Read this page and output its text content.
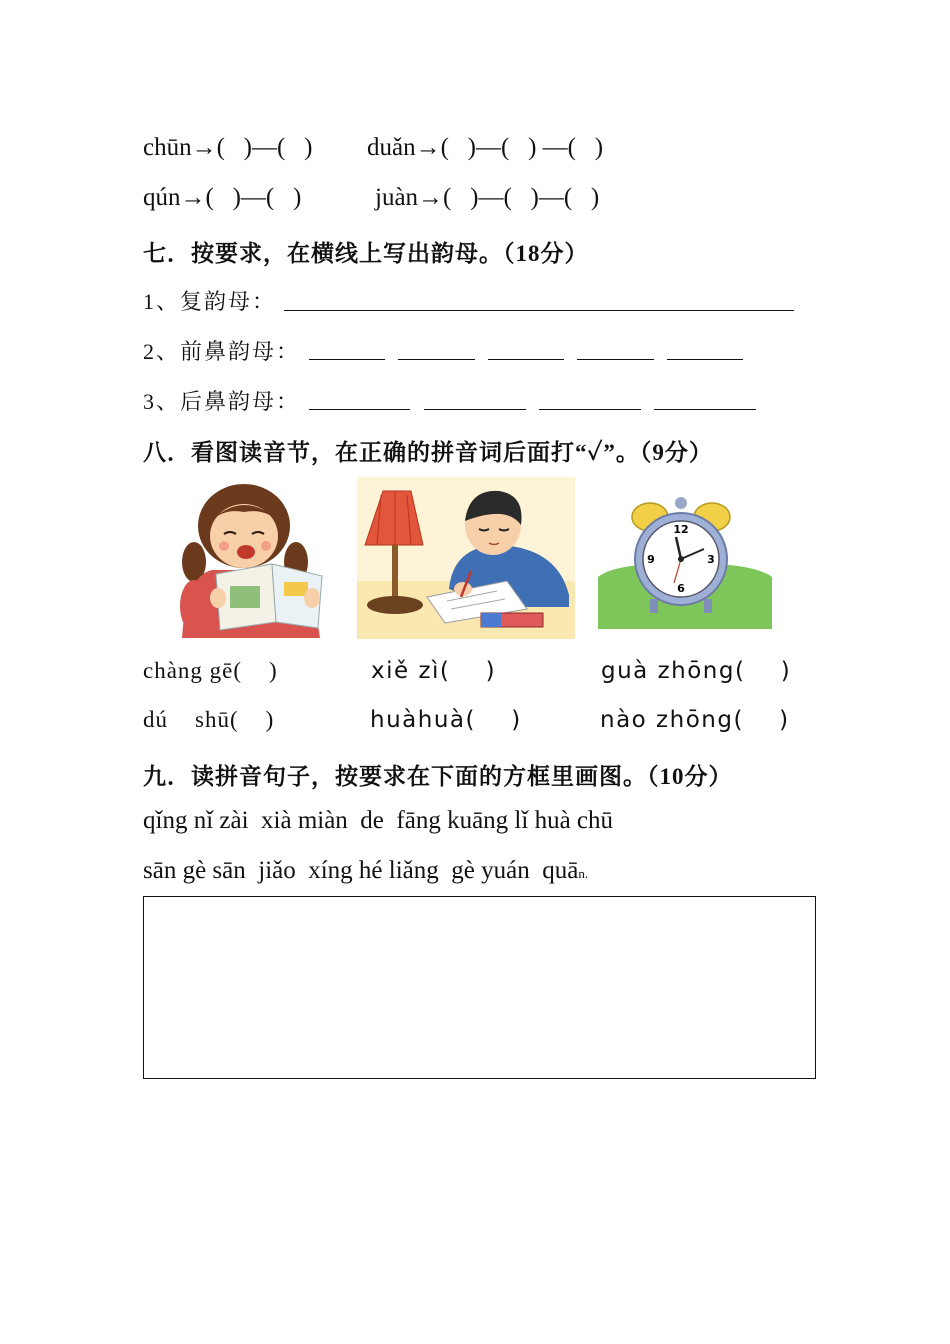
chūn→(   )—(   ) duǎn→(   )—(   ) —(   )
qún→(   )—(   )	juàn→(   )—(   )—(   )
七．按要求，在横线上写出韵母。（18分）
1、复韵母：
2、前鼻韵母：
3、后鼻韵母：
八．看图读音节，在正确的拼音词后面打“✓”。（9分）
12
3
6
9
chàng gē(    )	xiě zì(    )	guà zhōng(    )
dú    shū(    )	huàhuà(    )	nào zhōng(    )
九．读拼音句子，按要求在下面的方框里画图。（10分）
qǐng nǐ zài  xià miàn  de  fāng kuāng lǐ huà chū
sān gè sān  jiǎo  xíng hé liǎng  gè yuán  quān.
